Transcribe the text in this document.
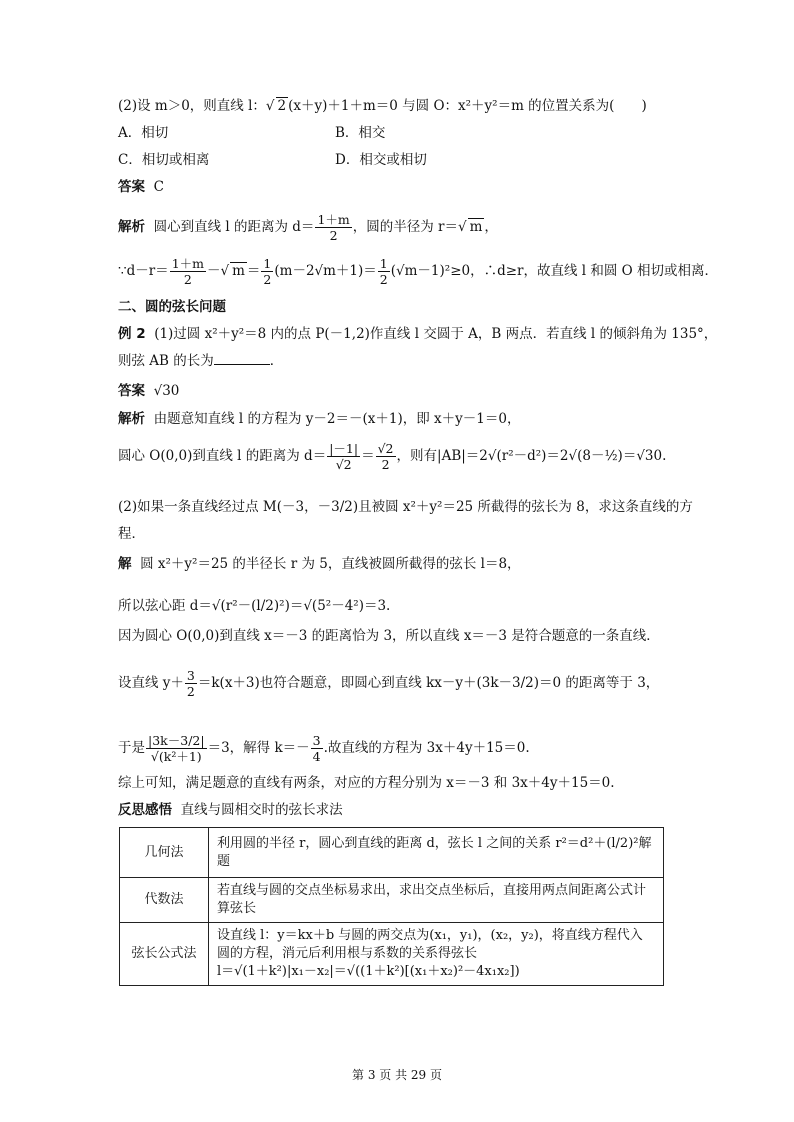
(2)设 m＞0，则直线 l：√ 2 (x＋y)＋1＋m＝0 与圆 O：x²＋y²＝m 的位置关系为(　　)
A．相切	B．相交
C．相切或相离	D．相交或相切
答案 C
解析 圆心到直线 l 的距离为 $d= \frac{1+m}{2}$ ，圆的半径为 r＝√ m ，
∵d－r＝ $\frac{1+m}{2}$ －√ $m = \frac{1}{2} (m-2√m+1)= \frac{1}{2} (√m-1)^2\ge 0$，∴d≥r，故直线 l 和圆 O 相切或相离．
二、圆的弦长问题
例 2 (1)过圆 x²＋y²＝8 内的点 P(－1,2)作直线 l 交圆于 A，B 两点．若直线 l 的倾斜角为 135°，
则弦 AB 的长为	．
答案 √30
解析 由题意知直线 l 的方程为 y－2＝－(x＋1)，即 x＋y－1＝0，
圆心 O(0,0)到直线 l 的距离为 $d= \frac{|-1|}{√2} = \frac{√2}{2}$ ，则有|AB|＝2√(r²－d²)＝2√(8－½)＝√30.
(2)如果一条直线经过点 M(－3，－3/2)且被圆 x²＋y²＝25 所截得的弦长为 8，求这条直线的方
程．
解 圆 x²＋y²＝25 的半径长 r 为 5，直线被圆所截得的弦长 l＝8，
所以弦心距 d＝√(r²－(l/2)²)＝√(5²－4²)＝3.
因为圆心 O(0,0)到直线 x＝－3 的距离恰为 3，所以直线 x＝－3 是符合题意的一条直线．
设直线 $y+ \frac{3}{2} =k(x+3)$也符合题意，即圆心到直线 kx－y＋(3k－3/2)＝0 的距离等于 3，
于是 $\frac{|3k-3/2|}{\text{√(k²＋1)}} =3$，解得 $k=- \frac{3}{4}$ .故直线的方程为 3x＋4y＋15＝0.
综上可知，满足题意的直线有两条，对应的方程分别为 x＝－3 和 3x＋4y＋15＝0.
反思感悟 直线与圆相交时的弦长求法
几何法	利用圆的半径 r，圆心到直线的距离 d，弦长 l 之间的关系 r²＝d²＋(l/2)²解题
代数法	若直线与圆的交点坐标易求出，求出交点坐标后，直接用两点间距离公式计算弦长
弦长公式法	设直线 l：y＝kx＋b 与圆的两交点为(x₁，y₁)，(x₂，y₂)，将直线方程代入圆的方程，消元后利用根与系数的关系得弦长
l＝√(1＋k²)|x₁－x₂|＝√((1＋k²)[(x₁＋x₂)²－4x₁x₂])
第 3 页 共 29 页
